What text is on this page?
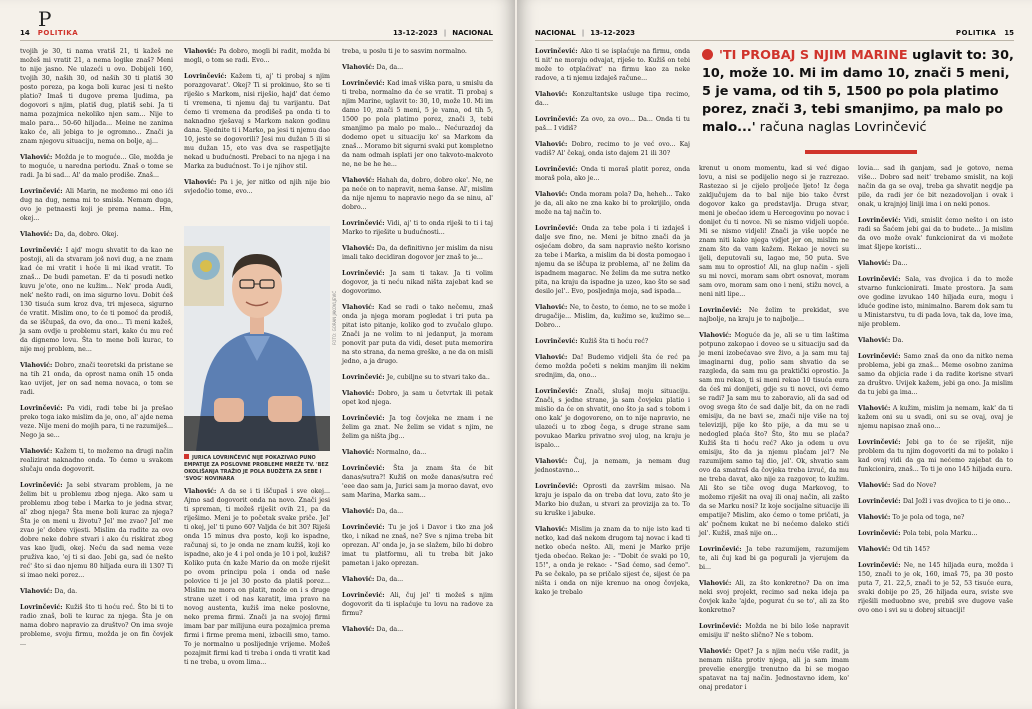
P
14 POLITIKA	13-12-2023 | NACIONAL

tvojih je 30, ti nama vratiš 21, ti kažeš ne možeš mi vratit 21, a nema logike znaš? Meni to nije jasno. Ne ulazeći u ovo. Dobijeli 160, tvojih 30, naših 30, od naših 30 ti platiš 30 posto poreza, pa koga boli kurac jesi ti nešto platio? Imaš ti dugove prema ljudima, pa dogovori s njim, platiš dug, platiš sebi. Ja ti nama pozajmica nekoliko njen sam... Nije to malo para... 50-60 hiljada... Meine ne zanima kako će, ali jebiga to je ogromno... Znači ja znam njegovu situaciju, nema on bolje, aj...

Vlahović: Možda je to moguće... Gle, možda je to moguće, u naredna periodu. Znaš o tome se radi. Ja bi sad... Al' da malo prodiše. Znaš...

Lovrinčević: Ali Marin, ne možemo mi ono ići dug na dug, nema mi to smisla. Nemam duga, ovo je petnaesti koji je prema nama.. Hm, okej...

Vlahović: Da, da, dobro. Okej.

Lovrinčević: I ajd' mogu shvatit to da kao ne postoji, ali da stvaram još novi dug, a ne znam kad će mi vratit i hoće li mi ikad vratit. To znaš... De budi pametan. E' da ti posudi netko kuvu je'ote, ono ne kužim... Nek' proda Audi, nek' nešto radi, on ima sigurno lovu. Dobit ćeš 130 tisuća sum kroz dva, tri mjeseca, sigurno će vratit. Mislim ono, to će ti pomoć da prodiš, da se iščupaš, da ovo, da ono... Ti meni kažeš, ja sam ovdje u problemu stari, kako ću mu reć da dignemo lovu. Šta to mene boli kurac, to nije moj problem, ne...

Vlahović: Dobro, znači teoretski da pristane se na tih 21 onda, da oprost nama onih 15 onda kao uvijet, jer on sad nema novaca, o tom se radi.

Lovrinčević: Pa vidi, radi tebe bi ja prešao preko toga iako mislim da je, ono, al' ajde nema veze. Nije meni do mojih para, ti ne razumiješ... Nego ja se...

Vlahović: Kažem ti, to možemo na drugi način realizirat naknadno onda. To ćemo u svakom slučaju onda dogovorit.

Lovrinčević: Ja sebi stvaram problem, ja ne želim bit u problemu zbog njega. Ako sam u problemu zbog tebe i Marka to je jedna stvar, al' zbog njega? Šta mene boli kurac za njega? Šta je on meni u životu? Jel' me zvao? Jel' me zvao je' dobre vijesti. Mislim da radite za ovo dobre neke dobre stvari i ako ću riskirat zbog vas kao ljudi, okej. Neću da sad nema veze pruživa kao, 'ej ti si dao. Jebi ga, sad će nešto reć' što si dao njemu 80 hiljada eura ili 130? Ti si imao neki porez...

Vlahović: Da, da.

Lovrinčević: Kužiš što ti hoću reć. Što bi ti to radio znaš, boli te kurac za njega. Šta je on nama dobro napravio za društvo? On ima svoje probleme, svoju firmu, možda je on fin čovjek ...

Vlahović: Pa dobro, mogli bi radit, možda bi mogli, o tom se radi. Evo...

Lovrinčević: Kažem ti, aj' ti probaj s njim porazgovarat'. Okej? Ti si prokinuo, što se ti riješio s Markom, nisi riješio, hajd' dat ćemo ti vremena, ti njemu daj tu varijantu. Dat ćemo ti vremena da prodišeš pa onda ti to naknadno rješavaj s Markom nakon godinu dana. Sjednite ti i Marko, pa jesi ti njemu dao 10, jeste se dogovorili? Jesi mu dužan 5 ili si mu dužan 15, eto vas dva se raspetljajte nekad u budućnosti. Prebaci to na njega i na Marka za budućnost. To i je njihov stil.

Vlahović: Pa i je, jer nitko od njih nije bio svjedočio tome, evo...

Vlahović: A da se i ti iščupaš i sve okej... Ajmo sad dogovorit onda na novo. Znači jesi ti spreman, ti možeš riješit ovih 21, pa da riješimo. Meni je to početak svake priče. Jel' ti okej, jel' ti puno 60? Valjda će bit 30? Riješi onda 15 minus dva posto, koji ko ispadne, računaj si, to je onda ne znam kužiš, koji ko ispadne, ako je 4 i pol onda je 10 i pol, kužiš? Koliko puta ćn kaže Mario da on može riješit po ovom principu pola i onda od naše polovice ti je jel 30 posto da platiš porez... Mislim ne mora on platit, može on i s druge strane uzet i od nas karatit, ima pravo na novog austenta, kužiš ima neke poslovne, neko prema firmi. Znači ja na svojoj firmi imam bar par milijuna eura pozajmica prema firmi i firme prema meni, izbacili smo, tamo. To je normalno u poslijednje vrijeme. Možeš pozajmit firmi kad ti treba i onda ti vratit kad ti ne treba, u ovom lima...

treba, u poslu ti je to sasvim normalno.

Vlahović: Da, da...

Lovrinčević: Kad imaš viška para, u smislu da ti treba, normalno da će se vratit. Ti probaj s njim Marine, uglavit to: 30, 10, može 10. Mi im damo 10, znači 5 meni, 5 je vama, od tih 5, 1500 po pola platimo porez, znači 3, tebi smanjimo pa malo po malo... Nećurazdoj da dodemo opet u situaciju ko' sa Markom da znaš... Moramo bit sigurni svaki put kompletno da nam odmah isplati jer ono takvoto-makvoto ne, ne be he he...

Vlahović: Hahah da, dobro, dobro oke'. Ne, ne pa neće on to napravit, nema šanse. Al', mislim da nije njemu to napravio nego da se ninu, al' dobro...

Lovrinčević: Vidi, aj' ti to onda riješi to ti i taj Marko to riješite u budućnosti...

Vlahović: Da, da definitivno jer mislim da nisu imali tako decidiran dogovor jer znaš to je...

Lovrinčević: Ja sam ti takav. Ja ti volim dogovor, ja ti neću nikad ništa zajebat kad se dogovorimo.

Vlahović: Kad se radi o tako nečemu, znaš onda ja njega moram pogledat i tri puta pa pitat isto pitanje, koliko god to zvučalo glupo. Znači ja ne volim to ni jedanput, ja moram ponovit par puta da vidi, deset puta memorira na sto strana, da nema greške, a ne da on misli jedno, a ja drugo.

Lovrinčević: Je, cubiljne su to stvari tako da..

Vlahović: Dobro, ja sam u četvrtak ili petak opet kod njega.

Lovrinčević: Ja tog čovjeka ne znam i ne želim ga znat. Ne želim se vidat s njim, ne želim ga ništa jbg...

Vlahović: Normalno, da...

Lovrinčević: Šta ja znam šta će bit danas/sutra?! Kužiš on može danas/sutra reć 'eee dao sam ja, Jurici sam ja morao davat, evo sam Marina, Marka sam...

Vlahović: Da, da...

Lovrinčević: Tu je još i Davor i tko zna još tko, i nikad ne znaš, ne? Sve s njima treba bit oprezan. Al' onda je, ja se slažem, bilo bi dobro imat tu platformu, ali tu treba bit jako pametan i jako oprezan.

Vlahović: Da, da...

Lovrinčević: Ali, čuj jel' ti možeš s njim dogovorit da ti isplaćuje tu lovu na radove za firmu?

Vlahović: Da, da...

FOTO: GORAN JAKOVLJEVIĆ
JURICA LOVRINČEVIĆ NIJE POKAZIVAO PUNO EMPATIJE ZA POSLOVNE PROBLEME MREŽE TV. 'BEZ OKOLIŠANJA TRAŽIO JE POLA BUDŽETA ZA SEBE I 'SVOG' NOVINARA
NACIONAL | 13-12-2023	POLITIKA 15
'TI PROBAJ S NJIM MARINE uglavit to: 30, 10, može 10. Mi im damo 10, znači 5 meni, 5 je vama, od tih 5, 1500 po pola platimo porez, znači 3, tebi smanjimo, pa malo po malo...' računa naglas Lovrinčević

Lovrinčević: Ako ti se isplaćuje na firmu, onda ti nit' ne moraju odvajat, riješe to. Kužiš on tebi može to otplaćivat' na firmu kao za neke radove, a ti njemu izdaješ račune...

Vlahović: Konzultantske usluge tipa recimo, da...

Lovrinčević: Za ovo, za ovo... Da... Onda ti tu paš... I vidiš?

Vlahović: Dobro, recimo to je već ovo... Kaj vadiš? Al' čekaj, onda isto dajem 21 ili 30?

Lovrinčević: Onda ti moraš platit porez, onda moraš pola, ako je...

Vlahović: Onda moram pola? Da, heheh... Tako je da, ali ako ne zna kako bi to prokrijilo, onda može na taj način to.

Lovrinčević: Onda za tebe pola i ti izdaješ i dalje sve fino, ne. Meni je bitno znači da ja osjećam dobro, da sam napravio nešto korisno za tebe i Marka, a mislim da bi dosta pomogao i njemu da se iščupa iz problema, al' ne želim da ispadnem magarac. Ne želim da me sutra netko pita, na kraju da ispadne ja uzeo, kao što se sad desilo jel'.. Evo, posljednja moja, sad ispada...

Vlahović: Ne, to često, to ćemo, ne to se može i drugačije... Mislim, da, kužimo se, kužimo se... Dobro...

Lovrinčević: Kužiš šta ti hoću reć?

Vlahović: Da! Budemo vidjeli šta će reć pa ćemo možda početi s nekim manjim ili nekim srednjim, da, ono...

Lovrinčević: Znači, slušaj moju situaciju. Znači, s jedne strane, ja sam čovjeku platio i mislio da će on shvatit, ono što ja sad s tobom i ono kak' je dogovoreno, on to nije napravio, ne ulazeći u to zbog čega, s druge strane sam povukao Marku privatno svoj ulog, na kraju je ispalo...

Vlahović: Čuj, ja nemam, ja nemam dug jednostavno...

Lovrinčević: Oprosti da završim misao. Na kraju je ispalo da on treba dat lovu, zato što je Marko bio dužan, u stvari za provizija za to. To su kruške i jabuke.

Vlahović: Mislim ja znam da to nije isto kad ti netko, kad daš nekom drugom taj novac i kad ti netko obeća nešto. Ali, meni je Marko prije tjeda obećao. Rekao je: - "Dobit će svaki po 10, 15!", a onda je rekao: - "Sad ćemo, sad ćemo". Pa se čekalo, pa se pričalo sijest će, sijest će pa ništa i onda on nije krenuo na onog čovjeka, kako je trebalo

krenut u onom momentu, kad si već digao lovu, a nisi se podijelio nego si je razrezao. Rastezao si je cijelo proljeće ljeto! Iz čega zaključujem da to bal nije bio tako čvrst dogovor kako ga predstavlja. Druga stvar, meni je obećao idem u Hercegovinu po novac i donijet ću ti novce. Ni se nismo vidjeli uopće. Mi se nismo vidjeli! Znači ja više uopće ne znam niti kako njega vidjet jer on, mislim ne znam što da vam kažem. Rekao je novci su ijeli, deputovali su, lagao me, 50 puta. Sve sam mu to oprostio! Ali, na glup način - sjeli su mi novci, moram sam obrt osnovat, moram sam ovo, moram sam ono i neni, stižu novci, a neni nitl lipe...

Lovrinčević: Ne želim te prekidat, sve najbolje, na kraju je to najbolje...

Vlahović: Moguće da je, ali se u tim laštima potpuno zakopao i doveo se u situaciju sad da je meni izobećavao sve živo, a ja sam mu taj imaginarni dug, polio sam shvatio da se razgleda, da sam mu ga praktički oprostio. Ja sam mu rekao, ti si meni rekao 10 tisuća eura da ćeš mi donijeti, gdje su ti novci, ovi ćemo se radi? Ja sam mu to zaboravio, ali da sad od ovog svega što će sad dalje bit, da on ne radi emisiju, da ne bavi se, znači nije više na toj televiziji, pije ko što pije, a da mu se u nedogled plaća što? Što, što mu se plaća? Kužiš šta ti hoću reć? Ako ja odem u ovu emisiju, što da ja njemu plaćam jel'? Ne razumijem samo taj dio, jel'. Ok, shvatio sam ovo da smatraš da čovjeka treba izvuć, da mu ne treba davat, ako nije za razgovor, to kužim. Ali što se tiče ovog duga Markovog, to možemo riješit na ovaj ili onaj način, ali zašto da se Marku nosi? Iz koje socijalne situacije ili empatije? Mislim, ako ćemo o tome pričati, ja ak' počnem kukat ne bi nećemo daleko stići jel'. Kužiš, znaš nije on...

Lovrinčević: Ja tebe razumijem, razumijem te, ali čuj kad bi ga pogurali ja vjerujem da bi...

Vlahović: Ali, za što konkretno? Da on ima neki svoj projekt, recimo sad neka ideja pa čovjek kaže 'ajde, pogurat ću se to', ali za što konkretno?

Lovrinčević: Možda ne bi bilo loše napravit emisiju il' nešto slično? Ne s tobom.

Vlahović: Opet? Ja s njim neću više radit, ja nemam ništa protiv njega, ali ja sam imam prevelie energije trenutno da bi se mogao spatavat na taj način. Jednostavno idem, ko' onaj predator i

lovia... sad ih ganjam, sad je gotovo, nema više... Dobro sad neit' trebamo smislit, na koji način da ga se ovaj, treba ga shvatit negdje pa pile, da radi jer će bit nezadovoljan i ovak i onak, u krajnjoj liniji ima i on neki ponos.

Lovrinčević: Vidi, smislit ćemo nešto i on isto radi sa Šaćem jebi gai da to budete... Ja mislim da ovo može ovak' funkcionirat da vi možete imat šljepe koristi...

Vlahović: Da...

Lovrinčević: Sala, vas dvojica i da to može stvarno funkcionirati. Imate prostora. Ja sam ove godine izvukao 140 hiljada eura, mogu i iduće godine isto, minimalno. Barem dok sam tu u Ministarstvu, tu di pada lova, tak da, love ima, nije problem.

Vlahović: Da.

Lovrinčević: Samo znaš da ono da nitko nema problema, jebi ga znaš... Meme osobno zanima samo da objicia rade i da radite korisne stvari za društvo. Uvijek kažem, jebi ga ono. Ja mislim da tu jebi ga ima...

Vlahović: A kužim, mislim ja nemam, kak' da ti kažem oni su u svadi, oni su se ovaj, ovaj je njemu napisao znaš ono...

Lovrinčević: Jebi ga to će se riješit, nije problem da tu njim dogovoriti da mi to polako i kad ovaj vidi da ga mi nećemo zajebat da to funkcionira, znaš... To ti je ono 145 hiljada eura.

Vlahović: Sad do Nove?

Lovrinčević: Dal Jožl i vas dvojica to ti je ono...

Vlahović: To je pola od toga, ne?

Lovrinčević: Pola tebi, pola Marku...

Vlahović: Od tih 145?

Lovrinčević: Ne, ne 145 hiljada eura, možda i 150, znači to je ok, 160, imaš 75, pa 30 posto puta 7, 21. 22,5, znači to je 52, 53 tisuće eura, svaki dobije po 25, 26 hiljada eura, sviste sve riješili meduobno sve, prebiš sve dugove vaše ovo ono i svi su u dobroj situaciji!
